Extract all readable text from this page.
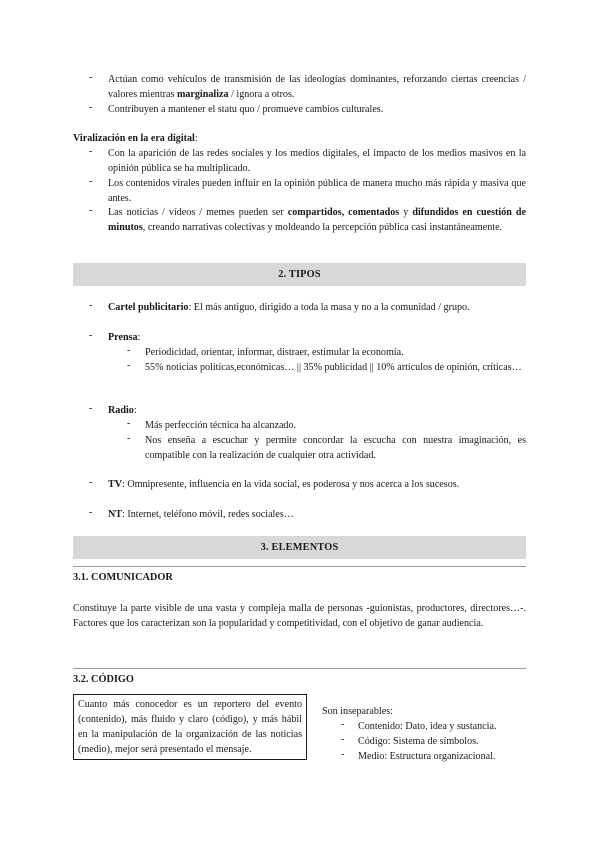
-	Actúan como vehículos de transmisión de las ideologías dominantes, reforzando ciertas creencias / valores mientras marginaliza / ignora a otros.
-	Contribuyen a mantener el statu quo / promueve cambios culturales.
Viralización en la era digital:
-	Con la aparición de las redes sociales y los medios digitales, el impacto de los medios masivos en la opinión pública se ha multiplicado.
-	Los contenidos virales pueden influir en la opinión pública de manera mucho más rápida y masiva que antes.
-	Las noticias / vídeos / memes pueden ser compartidos, comentados y difundidos en cuestión de minutos, creando narrativas colectivas y moldeando la percepción pública casi instantáneamente.
2. TIPOS
-	Cartel publicitario: El más antiguo, dirigido a toda la masa y no a la comunidad / grupo.
-	Prensa:
-	Periodicidad, orientar, informar, distraer, estimular la economía.
-	55% noticias políticas,económicas… || 35% publicidad || 10% artículos de opinión, críticas…
-	Radio:
-	Más perfección técnica ha alcanzado.
-	Nos enseña a escuchar y permite concordar la escucha con nuestra imaginación, es compatible con la realización de cualquier otra actividad.
-	TV: Omnipresente, influencia en la vida social, es poderosa y nos acerca a los sucesos.
-	NT: Internet, teléfono móvil, redes sociales…
3. ELEMENTOS
3.1. COMUNICADOR
Constituye la parte visible de una vasta y compleja malla de personas -guionistas, productores, directores…-. Factores que los caracterizan son la popularidad y competitividad, con el objetivo de ganar audiencia.
3.2. CÓDIGO
Cuanto más conocedor es un reportero del evento (contenido), más fluido y claro (código), y más hábil en la manipulación de la organización de las noticias (medio), mejor será presentado el mensaje.
Son inseparables:
-	Contenido: Dato, idea y sustancia.
-	Código: Sistema de símbolos.
-	Medio: Estructura organizacional.
